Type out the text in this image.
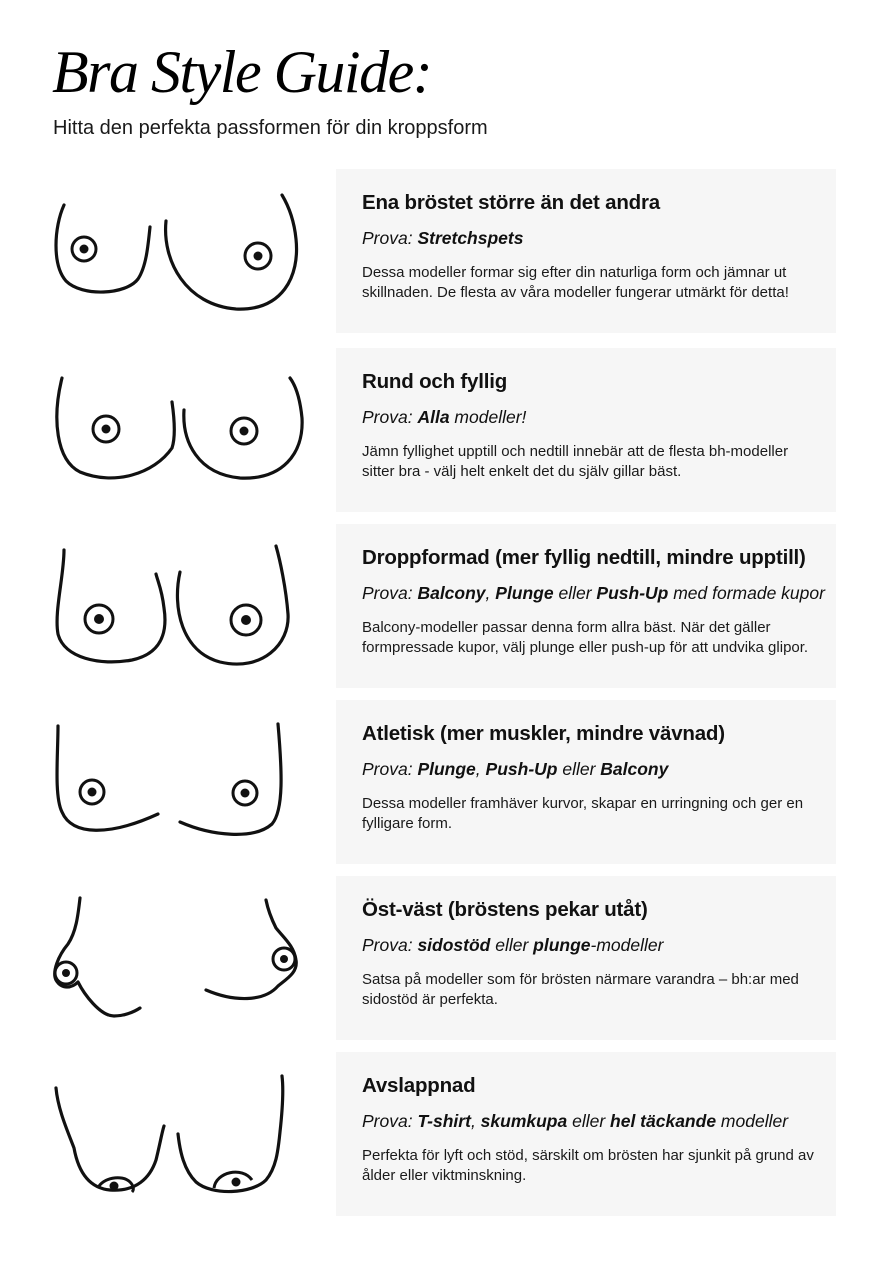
Bra Style Guide:

Hitta den perfekta passformen för din kroppsform

Ena bröstet större än det andra

Prova: Stretchspets

Dessa modeller formar sig efter din naturliga form och jämnar ut skillnaden. De flesta av våra modeller fungerar utmärkt för detta!

Rund och fyllig

Prova: Alla modeller!

Jämn fyllighet upptill och nedtill innebär att de flesta bh-modeller sitter bra - välj helt enkelt det du själv gillar bäst.

Droppformad (mer fyllig nedtill, mindre upptill)

Prova: Balcony, Plunge eller Push-Up med formade kupor

Balcony-modeller passar denna form allra bäst. När det gäller formpressade kupor, välj plunge eller push-up för att undvika glipor.

Atletisk (mer muskler, mindre vävnad)

Prova: Plunge, Push-Up eller Balcony

Dessa modeller framhäver kurvor, skapar en urringning och ger en fylligare form.

Öst-väst (bröstens pekar utåt)

Prova: sidostöd eller plunge-modeller

Satsa på modeller som för brösten närmare varandra – bh:ar med sidostöd är perfekta.

Avslappnad

Prova: T-shirt, skumkupa eller hel täckande modeller

Perfekta för lyft och stöd, särskilt om brösten har sjunkit på grund av ålder eller viktminskning.
